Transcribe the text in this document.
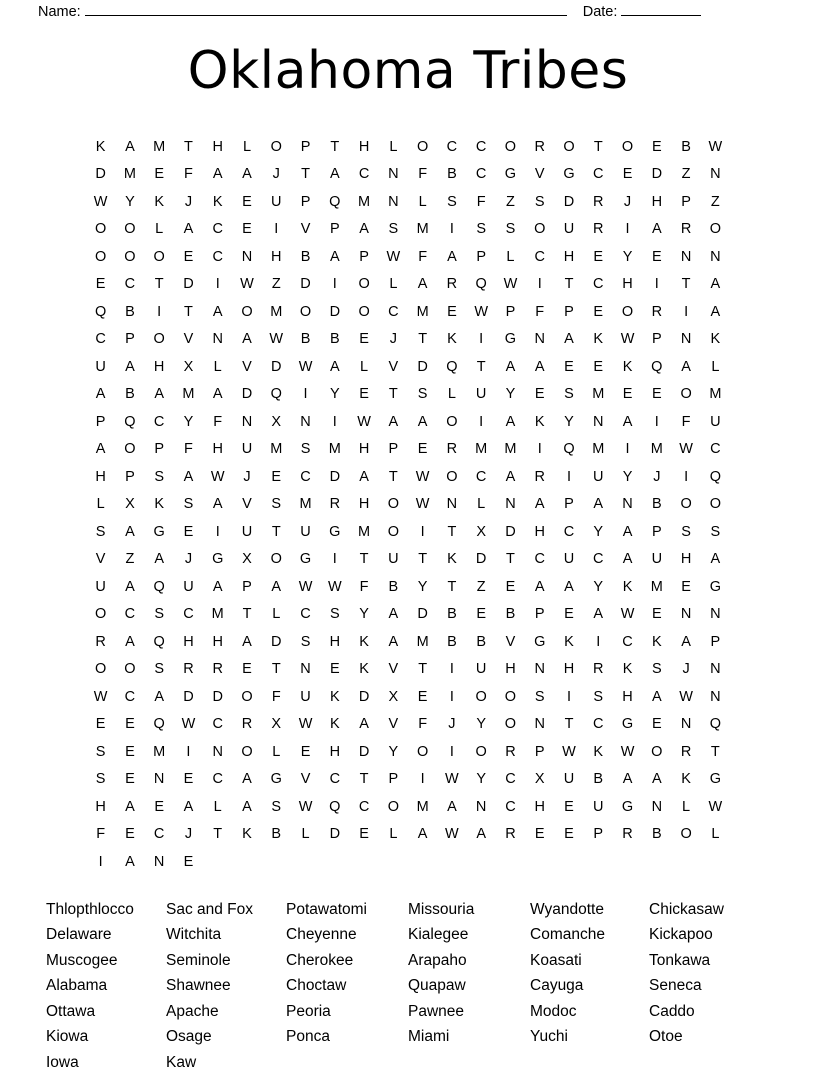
Name:	Date:
Oklahoma Tribes
K	A	M	T	H	L	O	P	T	H	L	O	C	C	O	R	O	T	O	E	B	W
D	M	E	F	A	A	J	T	A	C	N	F	B	C	G	V	G	C	E	D	Z	N
W	Y	K	J	K	E	U	P	Q	M	N	L	S	F	Z	S	D	R	J	H	P	Z
O	O	L	A	C	E	I	V	P	A	S	M	I	S	S	O	U	R	I	A	R	O
O	O	O	E	C	N	H	B	A	P	W	F	A	P	L	C	H	E	Y	E	N	N
E	C	T	D	I	W	Z	D	I	O	L	A	R	Q	W	I	T	C	H	I	T	A
Q	B	I	T	A	O	M	O	D	O	C	M	E	W	P	F	P	E	O	R	I	A
C	P	O	V	N	A	W	B	B	E	J	T	K	I	G	N	A	K	W	P	N	K
U	A	H	X	L	V	D	W	A	L	V	D	Q	T	A	A	E	E	K	Q	A	L
A	B	A	M	A	D	Q	I	Y	E	T	S	L	U	Y	E	S	M	E	E	O	M
P	Q	C	Y	F	N	X	N	I	W	A	A	O	I	A	K	Y	N	A	I	F	U
A	O	P	F	H	U	M	S	M	H	P	E	R	M	M	I	Q	M	I	M	W	C
H	P	S	A	W	J	E	C	D	A	T	W	O	C	A	R	I	U	Y	J	I	Q
L	X	K	S	A	V	S	M	R	H	O	W	N	L	N	A	P	A	N	B	O	O
S	A	G	E	I	U	T	U	G	M	O	I	T	X	D	H	C	Y	A	P	S	S
V	Z	A	J	G	X	O	G	I	T	U	T	K	D	T	C	U	C	A	U	H	A
U	A	Q	U	A	P	A	W	W	F	B	Y	T	Z	E	A	A	Y	K	M	E	G
O	C	S	C	M	T	L	C	S	Y	A	D	B	E	B	P	E	A	W	E	N	N
R	A	Q	H	H	A	D	S	H	K	A	M	B	B	V	G	K	I	C	K	A	P
O	O	S	R	R	E	T	N	E	K	V	T	I	U	H	N	H	R	K	S	J	N
W	C	A	D	D	O	F	U	K	D	X	E	I	O	O	S	I	S	H	A	W	N
E	E	Q	W	C	R	X	W	K	A	V	F	J	Y	O	N	T	C	G	E	N	Q
S	E	M	I	N	O	L	E	H	D	Y	O	I	O	R	P	W	K	W	O	R	T
S	E	N	E	C	A	G	V	C	T	P	I	W	Y	C	X	U	B	A	A	K	G
H	A	E	A	L	A	S	W	Q	C	O	M	A	N	C	H	E	U	G	N	L	W
F	E	C	J	T	K	B	L	D	E	L	A	W	A	R	E	E	P	R	B	O	L
I	A	N	E
Thlopthlocco
Delaware
Muscogee
Alabama
Ottawa
Kiowa
Iowa
Sac and Fox
Witchita
Seminole
Shawnee
Apache
Osage
Kaw
Potawatomi
Cheyenne
Cherokee
Choctaw
Peoria
Ponca
Missouria
Kialegee
Arapaho
Quapaw
Pawnee
Miami
Wyandotte
Comanche
Koasati
Cayuga
Modoc
Yuchi
Chickasaw
Kickapoo
Tonkawa
Seneca
Caddo
Otoe
